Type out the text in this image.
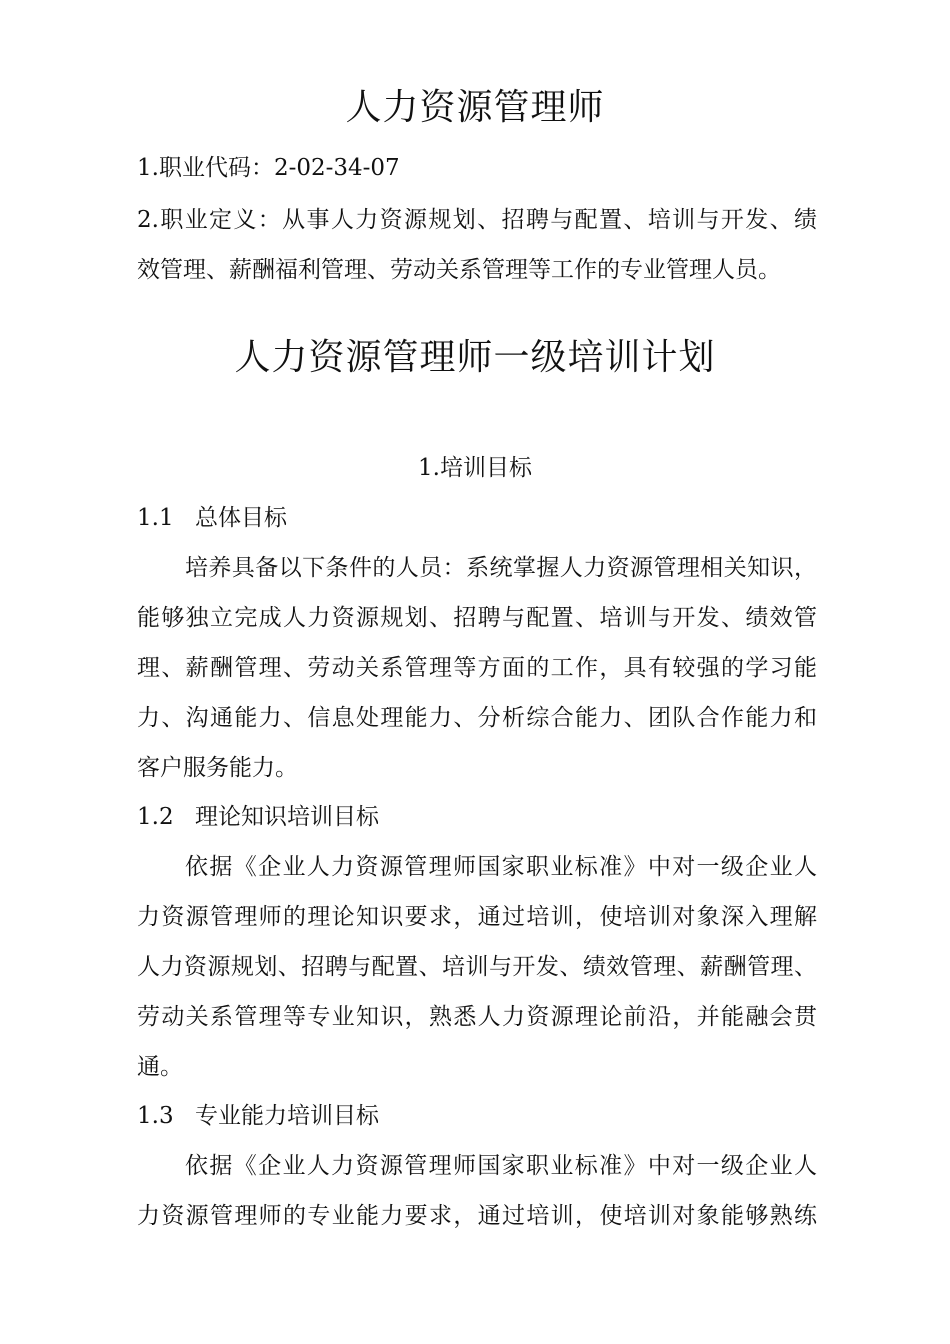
人力资源管理师
1.职业代码：2-02-34-07
2.职业定义：从事人力资源规划、招聘与配置、培训与开发、绩
效管理、薪酬福利管理、劳动关系管理等工作的专业管理人员。
人力资源管理师一级培训计划
1.培训目标
1.1 总体目标
培养具备以下条件的人员：系统掌握人力资源管理相关知识，
能够独立完成人力资源规划、招聘与配置、培训与开发、绩效管
理、薪酬管理、劳动关系管理等方面的工作，具有较强的学习能
力、沟通能力、信息处理能力、分析综合能力、团队合作能力和
客户服务能力。
1.2 理论知识培训目标
依据《企业人力资源管理师国家职业标准》中对一级企业人
力资源管理师的理论知识要求，通过培训，使培训对象深入理解
人力资源规划、招聘与配置、培训与开发、绩效管理、薪酬管理、
劳动关系管理等专业知识，熟悉人力资源理论前沿，并能融会贯
通。
1.3 专业能力培训目标
依据《企业人力资源管理师国家职业标准》中对一级企业人
力资源管理师的专业能力要求，通过培训，使培训对象能够熟练
